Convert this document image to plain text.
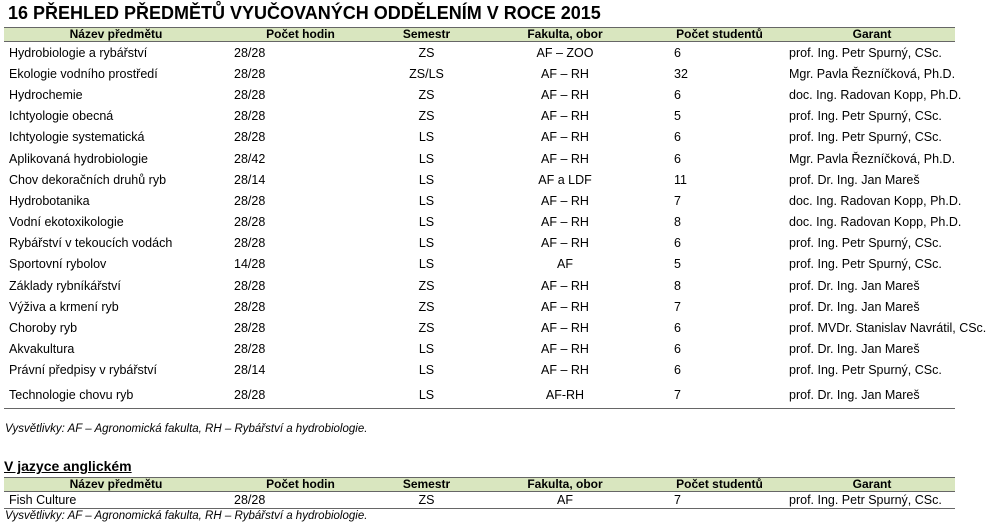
16 PŘEHLED PŘEDMĚTŮ VYUČOVANÝCH ODDĚLENÍM V ROCE 2015
Název předmětu	Počet hodin	Semestr	Fakulta, obor	Počet studentů	Garant
Hydrobiologie a rybářství	28/28	ZS	AF – ZOO	6	prof. Ing. Petr Spurný, CSc.
Ekologie vodního prostředí	28/28	ZS/LS	AF – RH	32	Mgr. Pavla Řezníčková, Ph.D.
Hydrochemie	28/28	ZS	AF – RH	6	doc. Ing. Radovan Kopp, Ph.D.
Ichtyologie obecná	28/28	ZS	AF – RH	5	prof. Ing. Petr Spurný, CSc.
Ichtyologie systematická	28/28	LS	AF – RH	6	prof. Ing. Petr Spurný, CSc.
Aplikovaná hydrobiologie	28/42	LS	AF – RH	6	Mgr. Pavla Řezníčková, Ph.D.
Chov dekoračních druhů ryb	28/14	LS	AF a LDF	11	prof. Dr. Ing. Jan Mareš
Hydrobotanika	28/28	LS	AF – RH	7	doc. Ing. Radovan Kopp, Ph.D.
Vodní ekotoxikologie	28/28	LS	AF – RH	8	doc. Ing. Radovan Kopp, Ph.D.
Rybářství v tekoucích vodách	28/28	LS	AF – RH	6	prof. Ing. Petr Spurný, CSc.
Sportovní rybolov	14/28	LS	AF	5	prof. Ing. Petr Spurný, CSc.
Základy rybníkářství	28/28	ZS	AF – RH	8	prof. Dr. Ing. Jan Mareš
Výživa a krmení ryb	28/28	ZS	AF – RH	7	prof. Dr. Ing. Jan Mareš
Choroby ryb	28/28	ZS	AF – RH	6	prof. MVDr. Stanislav Navrátil, CSc.
Akvakultura	28/28	LS	AF – RH	6	prof. Dr. Ing. Jan Mareš
Právní předpisy v rybářství	28/14	LS	AF – RH	6	prof. Ing. Petr Spurný, CSc.
Technologie chovu ryb	28/28	LS	AF-RH	7	prof. Dr. Ing. Jan Mareš
Vysvětlivky: AF – Agronomická fakulta, RH – Rybářství a hydrobiologie.
V jazyce anglickém
Název předmětu	Počet hodin	Semestr	Fakulta, obor	Počet studentů	Garant
Fish Culture	28/28	ZS	AF	7	prof. Ing. Petr Spurný, CSc.
Vysvětlivky: AF – Agronomická fakulta, RH – Rybářství a hydrobiologie.
